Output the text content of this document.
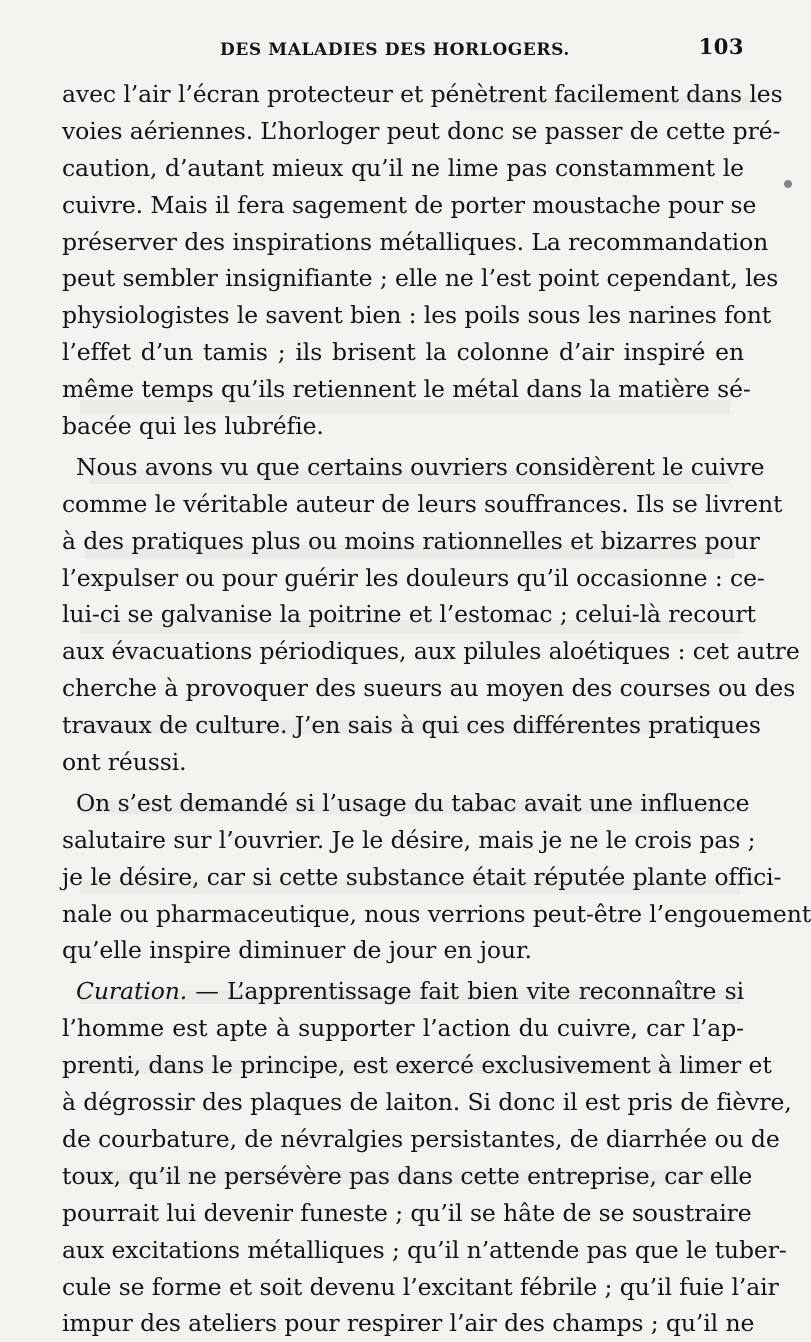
DES MALADIES DES HORLOGERS.	103
avec l’air l’écran protecteur et pénètrent facilement dans les
voies aériennes. L’horloger peut donc se passer de cette pré-
caution, d’autant mieux qu’il ne lime pas constamment le
cuivre. Mais il fera sagement de porter moustache pour se
préserver des inspirations métalliques. La recommandation
peut sembler insignifiante ; elle ne l’est point cependant, les
physiologistes le savent bien : les poils sous les narines font
l’effet d’un tamis ; ils brisent la colonne d’air inspiré en
même temps qu’ils retiennent le métal dans la matière sé-
bacée qui les lubréfie.
Nous avons vu que certains ouvriers considèrent le cuivre
comme le véritable auteur de leurs souffrances. Ils se livrent
à des pratiques plus ou moins rationnelles et bizarres pour
l’expulser ou pour guérir les douleurs qu’il occasionne : ce-
lui-ci se galvanise la poitrine et l’estomac ; celui-là recourt
aux évacuations périodiques, aux pilules aloétiques : cet autre
cherche à provoquer des sueurs au moyen des courses ou des
travaux de culture. J’en sais à qui ces différentes pratiques
ont réussi.
On s’est demandé si l’usage du tabac avait une influence
salutaire sur l’ouvrier. Je le désire, mais je ne le crois pas ;
je le désire, car si cette substance était réputée plante offici-
nale ou pharmaceutique, nous verrions peut-être l’engouement
qu’elle inspire diminuer de jour en jour.
Curation. — L’apprentissage fait bien vite reconnaître si
l’homme est apte à supporter l’action du cuivre, car l’ap-
prenti, dans le principe, est exercé exclusivement à limer et
à dégrossir des plaques de laiton. Si donc il est pris de fièvre,
de courbature, de névralgies persistantes, de diarrhée ou de
toux, qu’il ne persévère pas dans cette entreprise, car elle
pourrait lui devenir funeste ; qu’il se hâte de se soustraire
aux excitations métalliques ; qu’il n’attende pas que le tuber-
cule se forme et soit devenu l’excitant fébrile ; qu’il fuie l’air
impur des ateliers pour respirer l’air des champs ; qu’il ne
